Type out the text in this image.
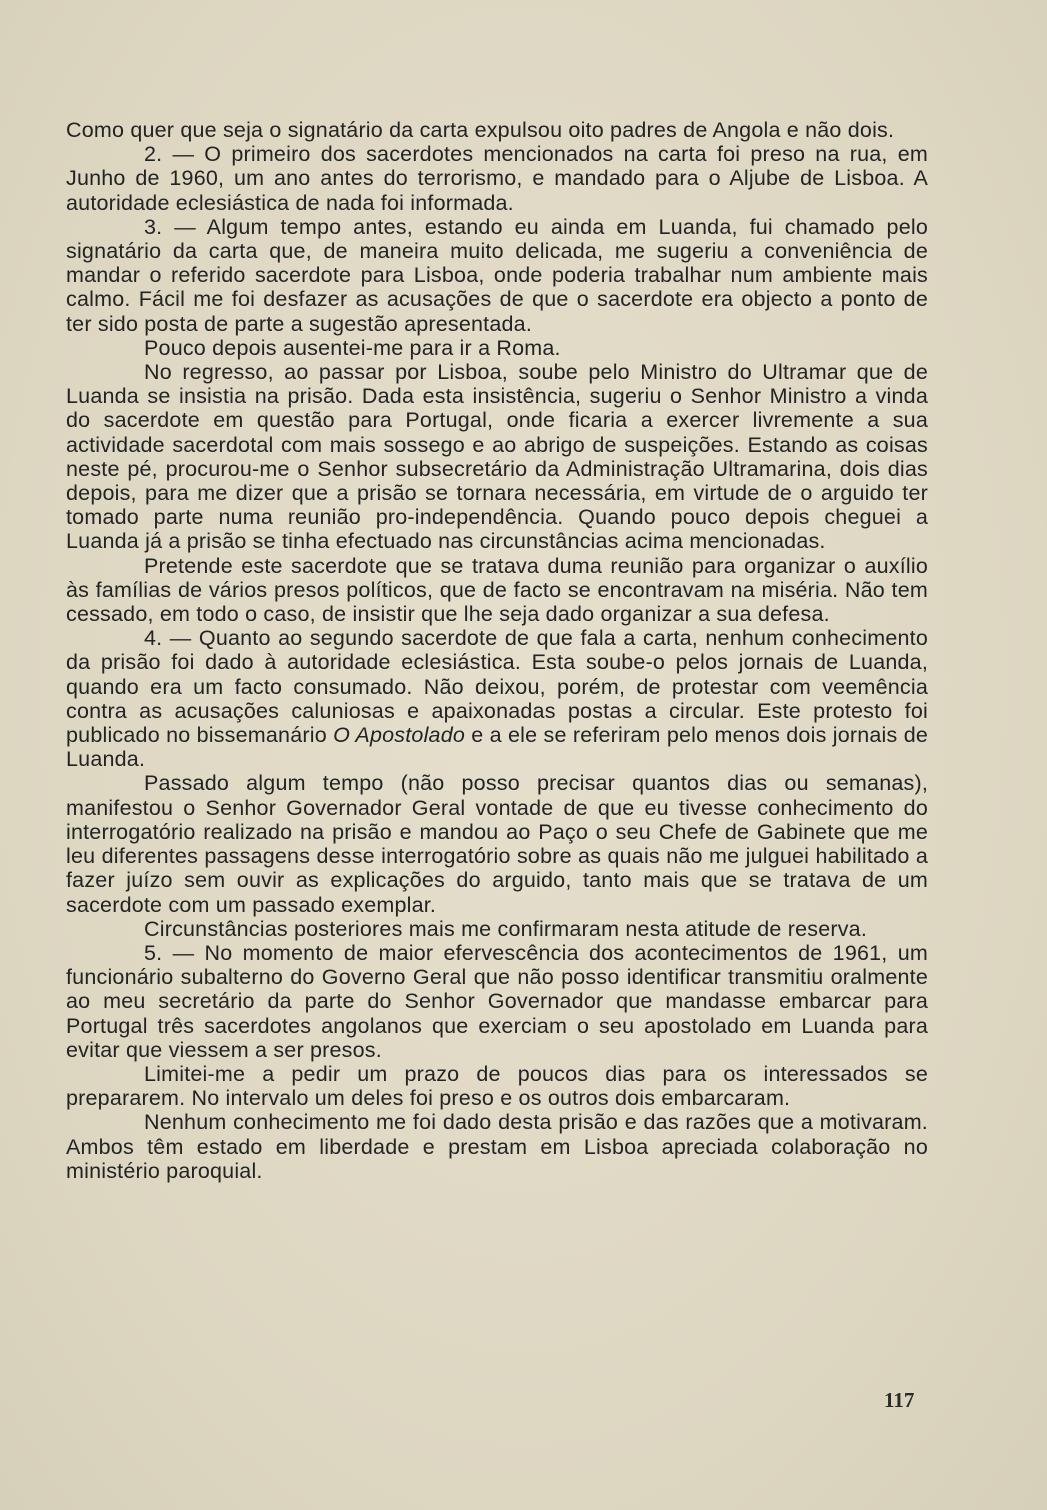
Como quer que seja o signatário da carta expulsou oito padres de Angola e não dois.

2. — O primeiro dos sacerdotes mencionados na carta foi preso na rua, em Junho de 1960, um ano antes do terrorismo, e mandado para o Aljube de Lisboa. A autoridade eclesiástica de nada foi informada.

3. — Algum tempo antes, estando eu ainda em Luanda, fui chamado pelo signatário da carta que, de maneira muito delicada, me sugeriu a conveniência de mandar o referido sacerdote para Lisboa, onde poderia trabalhar num ambiente mais calmo. Fácil me foi desfazer as acusações de que o sacerdote era objecto a ponto de ter sido posta de parte a sugestão apresentada.

Pouco depois ausentei-me para ir a Roma.

No regresso, ao passar por Lisboa, soube pelo Ministro do Ultramar que de Luanda se insistia na prisão. Dada esta insistência, sugeriu o Senhor Ministro a vinda do sacerdote em questão para Portugal, onde ficaria a exercer livremente a sua actividade sacerdotal com mais sossego e ao abrigo de suspeições. Estando as coisas neste pé, procurou-me o Senhor subsecretário da Administração Ultramarina, dois dias depois, para me dizer que a prisão se tornara necessária, em virtude de o arguido ter tomado parte numa reunião pro-independência. Quando pouco depois cheguei a Luanda já a prisão se tinha efectuado nas circunstâncias acima mencionadas.

Pretende este sacerdote que se tratava duma reunião para organizar o auxílio às famílias de vários presos políticos, que de facto se encontravam na miséria. Não tem cessado, em todo o caso, de insistir que lhe seja dado organizar a sua defesa.

4. — Quanto ao segundo sacerdote de que fala a carta, nenhum conhecimento da prisão foi dado à autoridade eclesiástica. Esta soube-o pelos jornais de Luanda, quando era um facto consumado. Não deixou, porém, de protestar com veemência contra as acusações caluniosas e apaixonadas postas a circular. Este protesto foi publicado no bissemanário O Apostolado e a ele se referiram pelo menos dois jornais de Luanda.

Passado algum tempo (não posso precisar quantos dias ou semanas), manifestou o Senhor Governador Geral vontade de que eu tivesse conhecimento do interrogatório realizado na prisão e mandou ao Paço o seu Chefe de Gabinete que me leu diferentes passagens desse interrogatório sobre as quais não me julguei habilitado a fazer juízo sem ouvir as explicações do arguido, tanto mais que se tratava de um sacerdote com um passado exemplar.

Circunstâncias posteriores mais me confirmaram nesta atitude de reserva.

5. — No momento de maior efervescência dos acontecimentos de 1961, um funcionário subalterno do Governo Geral que não posso identificar transmitiu oralmente ao meu secretário da parte do Senhor Governador que mandasse embarcar para Portugal três sacerdotes angolanos que exerciam o seu apostolado em Luanda para evitar que viessem a ser presos.

Limitei-me a pedir um prazo de poucos dias para os interessados se prepararem. No intervalo um deles foi preso e os outros dois embarcaram.

Nenhum conhecimento me foi dado desta prisão e das razões que a motivaram. Ambos têm estado em liberdade e prestam em Lisboa apreciada colaboração no ministério paroquial.

117
